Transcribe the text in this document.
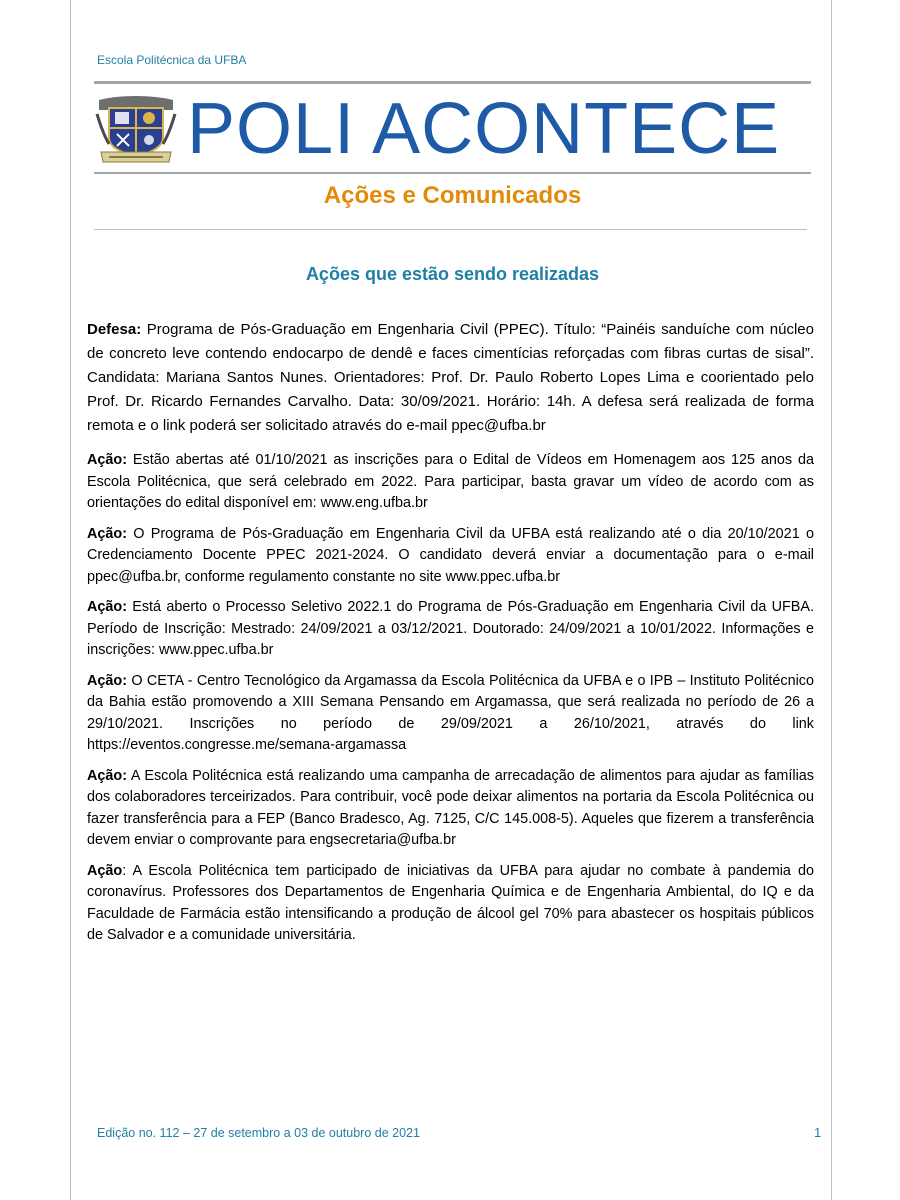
Escola Politécnica da UFBA
POLI ACONTECE
Ações e Comunicados
Ações que estão sendo realizadas

Defesa: Programa de Pós-Graduação em Engenharia Civil (PPEC). Título: “Painéis sanduíche com núcleo de concreto leve contendo endocarpo de dendê e faces cimentícias reforçadas com fibras curtas de sisal”. Candidata: Mariana Santos Nunes. Orientadores: Prof. Dr. Paulo Roberto Lopes Lima e coorientado pelo Prof. Dr. Ricardo Fernandes Carvalho. Data: 30/09/2021. Horário: 14h. A defesa será realizada de forma remota e o link poderá ser solicitado através do e-mail ppec@ufba.br

Ação: Estão abertas até 01/10/2021 as inscrições para o Edital de Vídeos em Homenagem aos 125 anos da Escola Politécnica, que será celebrado em 2022. Para participar, basta gravar um vídeo de acordo com as orientações do edital disponível em: www.eng.ufba.br

Ação: O Programa de Pós-Graduação em Engenharia Civil da UFBA está realizando até o dia 20/10/2021 o Credenciamento Docente PPEC 2021-2024. O candidato deverá enviar a documentação para o e-mail ppec@ufba.br, conforme regulamento constante no site www.ppec.ufba.br

Ação: Está aberto o Processo Seletivo 2022.1 do Programa de Pós-Graduação em Engenharia Civil da UFBA. Período de Inscrição: Mestrado: 24/09/2021 a 03/12/2021. Doutorado: 24/09/2021 a 10/01/2022. Informações e inscrições: www.ppec.ufba.br

Ação: O CETA - Centro Tecnológico da Argamassa da Escola Politécnica da UFBA e o IPB – Instituto Politécnico da Bahia estão promovendo a XIII Semana Pensando em Argamassa, que será realizada no período de 26 a 29/10/2021. Inscrições no período de 29/09/2021 a 26/10/2021, através do link https://eventos.congresse.me/semana-argamassa

Ação: A Escola Politécnica está realizando uma campanha de arrecadação de alimentos para ajudar as famílias dos colaboradores terceirizados. Para contribuir, você pode deixar alimentos na portaria da Escola Politécnica ou fazer transferência para a FEP (Banco Bradesco, Ag. 7125, C/C 145.008-5). Aqueles que fizerem a transferência devem enviar o comprovante para engsecretaria@ufba.br

Ação: A Escola Politécnica tem participado de iniciativas da UFBA para ajudar no combate à pandemia do coronavírus. Professores dos Departamentos de Engenharia Química e de Engenharia Ambiental, do IQ e da Faculdade de Farmácia estão intensificando a produção de álcool gel 70% para abastecer os hospitais públicos de Salvador e a comunidade universitária.

Edição no. 112 – 27 de setembro a 03 de outubro de 2021	1
